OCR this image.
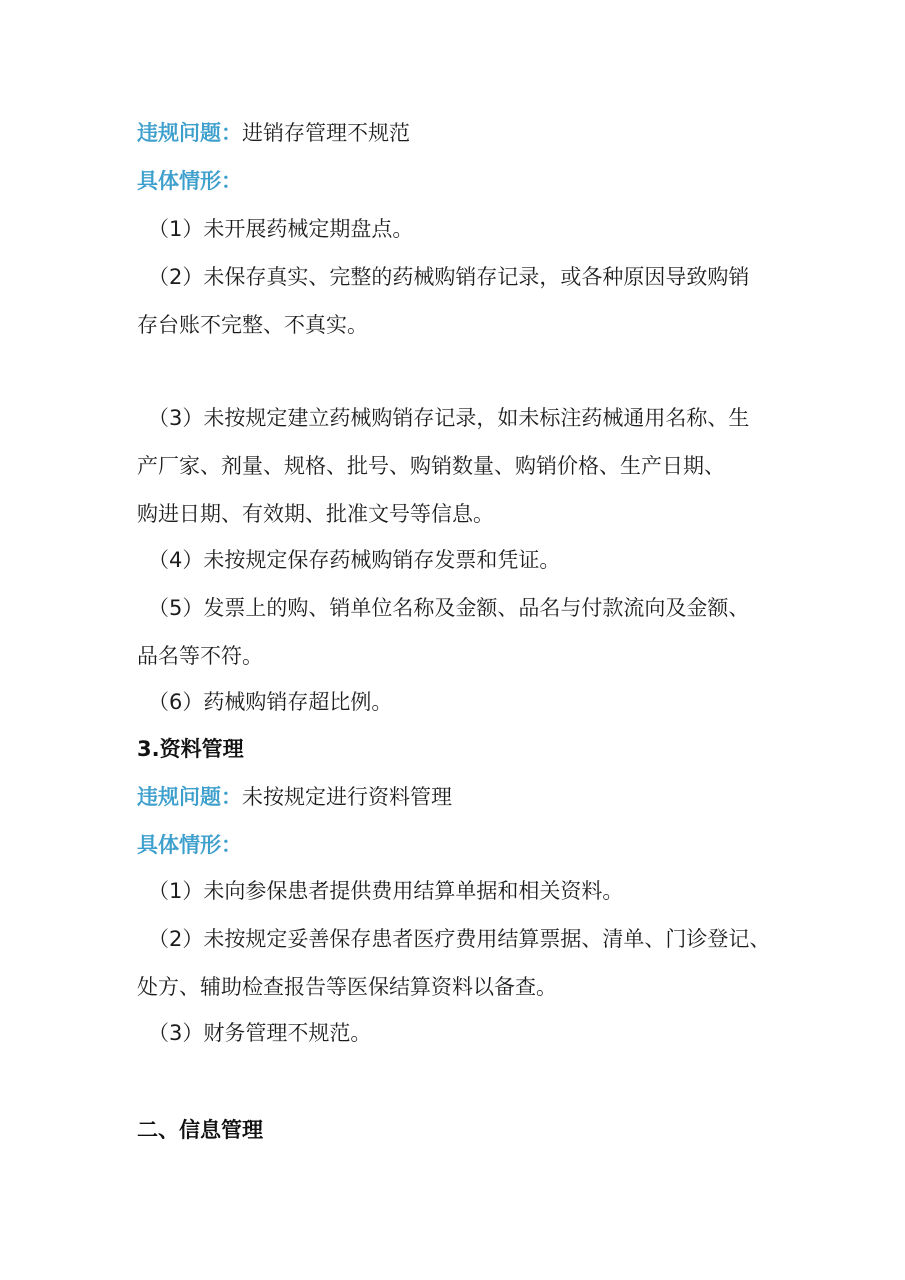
违规问题：进销存管理不规范
具体情形：
（1）未开展药械定期盘点。
（2）未保存真实、完整的药械购销存记录，或各种原因导致购销
存台账不完整、不真实。
（3）未按规定建立药械购销存记录，如未标注药械通用名称、生
产厂家、剂量、规格、批号、购销数量、购销价格、生产日期、
购进日期、有效期、批准文号等信息。
（4）未按规定保存药械购销存发票和凭证。
（5）发票上的购、销单位名称及金额、品名与付款流向及金额、
品名等不符。
（6）药械购销存超比例。
3.资料管理
违规问题：未按规定进行资料管理
具体情形：
（1）未向参保患者提供费用结算单据和相关资料。
（2）未按规定妥善保存患者医疗费用结算票据、清单、门诊登记、
处方、辅助检查报告等医保结算资料以备查。
（3）财务管理不规范。
二、信息管理
